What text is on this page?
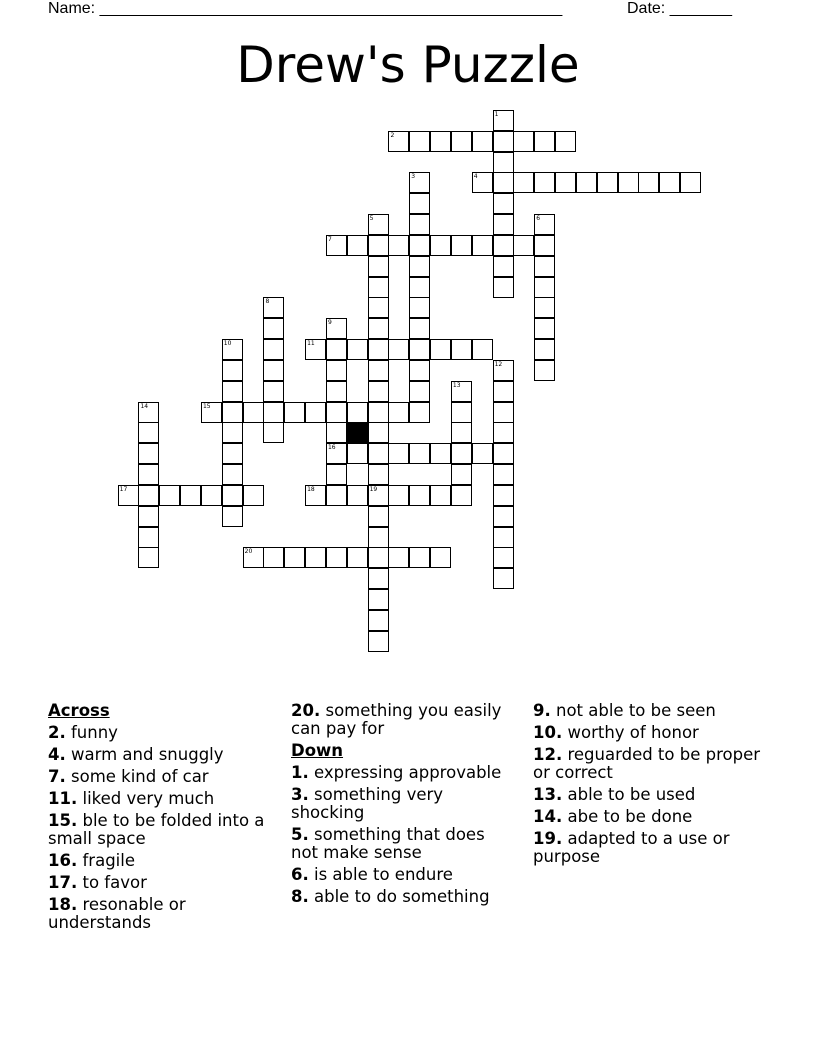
Name: ____________________________________________________	Date: _______
Drew's Puzzle
1
2
3	4
5	6
7
8
9
10	11
12
13
14	15
16
17	18	19
20
Across
2. funny
4. warm and snuggly
7. some kind of car
11. liked very much
15. ble to be folded into a small space
16. fragile
17. to favor
18. resonable or understands
20. something you easily can pay for
Down
1. expressing approvable
3. something very shocking
5. something that does not make sense
6. is able to endure
8. able to do something
9. not able to be seen
10. worthy of honor
12. reguarded to be proper or correct
13. able to be used
14. abe to be done
19. adapted to a use or purpose
